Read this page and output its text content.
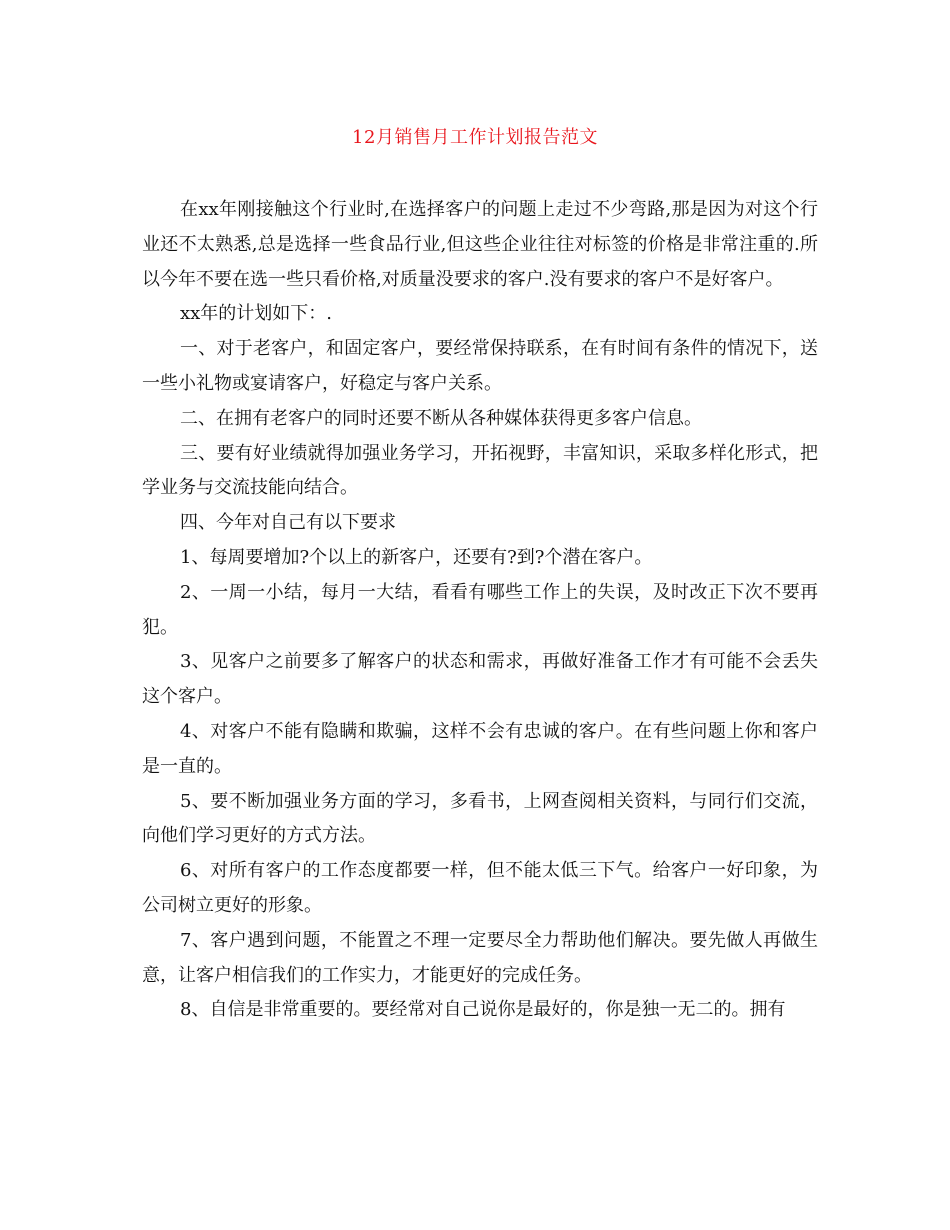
12月销售月工作计划报告范文

在xx年刚接触这个行业时,在选择客户的问题上走过不少弯路,那是因为对这个行业还不太熟悉,总是选择一些食品行业,但这些企业往往对标签的价格是非常注重的.所以今年不要在选一些只看价格,对质量没要求的客户.没有要求的客户不是好客户。

xx年的计划如下：.

一、对于老客户，和固定客户，要经常保持联系，在有时间有条件的情况下，送一些小礼物或宴请客户，好稳定与客户关系。

二、在拥有老客户的同时还要不断从各种媒体获得更多客户信息。

三、要有好业绩就得加强业务学习，开拓视野，丰富知识，采取多样化形式，把学业务与交流技能向结合。

四、今年对自己有以下要求

1、每周要增加?个以上的新客户，还要有?到?个潜在客户。

2、一周一小结，每月一大结，看看有哪些工作上的失误，及时改正下次不要再犯。

3、见客户之前要多了解客户的状态和需求，再做好准备工作才有可能不会丢失这个客户。

4、对客户不能有隐瞒和欺骗，这样不会有忠诚的客户。在有些问题上你和客户是一直的。

5、要不断加强业务方面的学习，多看书，上网查阅相关资料，与同行们交流，向他们学习更好的方式方法。

6、对所有客户的工作态度都要一样，但不能太低三下气。给客户一好印象，为公司树立更好的形象。

7、客户遇到问题，不能置之不理一定要尽全力帮助他们解决。要先做人再做生意，让客户相信我们的工作实力，才能更好的完成任务。

8、自信是非常重要的。要经常对自己说你是最好的，你是独一无二的。拥有
